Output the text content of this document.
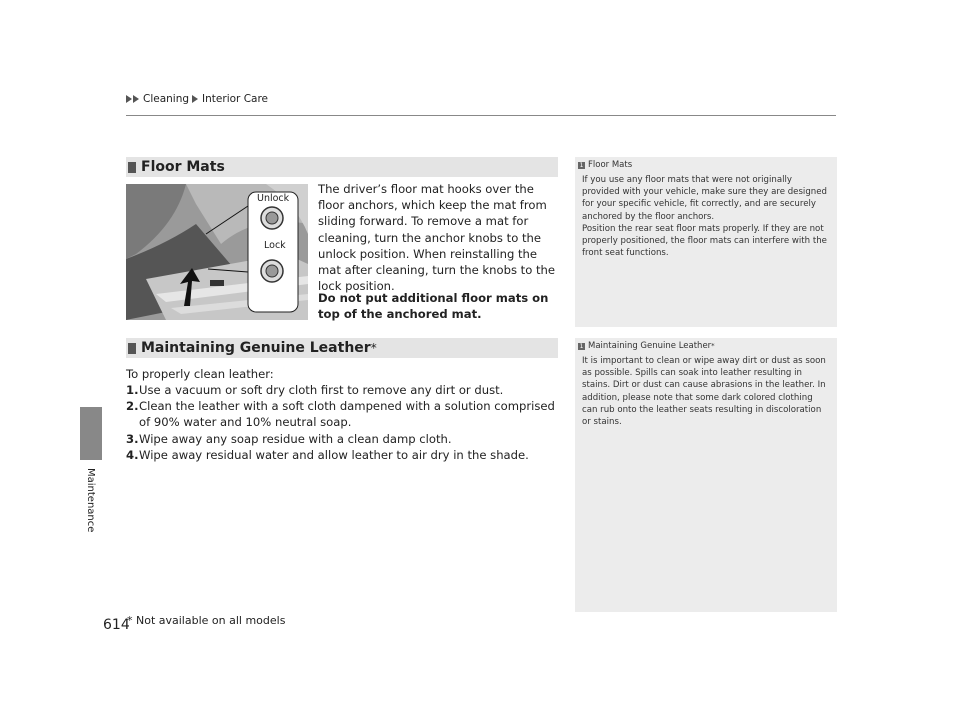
Cleaning Interior Care
Maintenance
Floor Mats
Unlock
Lock
The driver’s floor mat hooks over the floor anchors, which keep the mat from sliding forward. To remove a mat for cleaning, turn the anchor knobs to the unlock position. When reinstalling the mat after cleaning, turn the knobs to the lock position.
Do not put additional floor mats on top of the anchored mat.
1 Floor Mats
If you use any floor mats that were not originally provided with your vehicle, make sure they are designed for your specific vehicle, fit correctly, and are securely anchored by the floor anchors.
Position the rear seat floor mats properly. If they are not properly positioned, the floor mats can interfere with the front seat functions.
Maintaining Genuine Leather *
To properly clean leather:
1. Use a vacuum or soft dry cloth first to remove any dirt or dust.
2. Clean the leather with a soft cloth dampened with a solution comprised of 90% water and 10% neutral soap.
3. Wipe away any soap residue with a clean damp cloth.
4. Wipe away residual water and allow leather to air dry in the shade.
1 Maintaining Genuine Leather *
It is important to clean or wipe away dirt or dust as soon as possible. Spills can soak into leather resulting in stains. Dirt or dust can cause abrasions in the leather. In addition, please note that some dark colored clothing can rub onto the leather seats resulting in discoloration or stains.
614
* Not available on all models
